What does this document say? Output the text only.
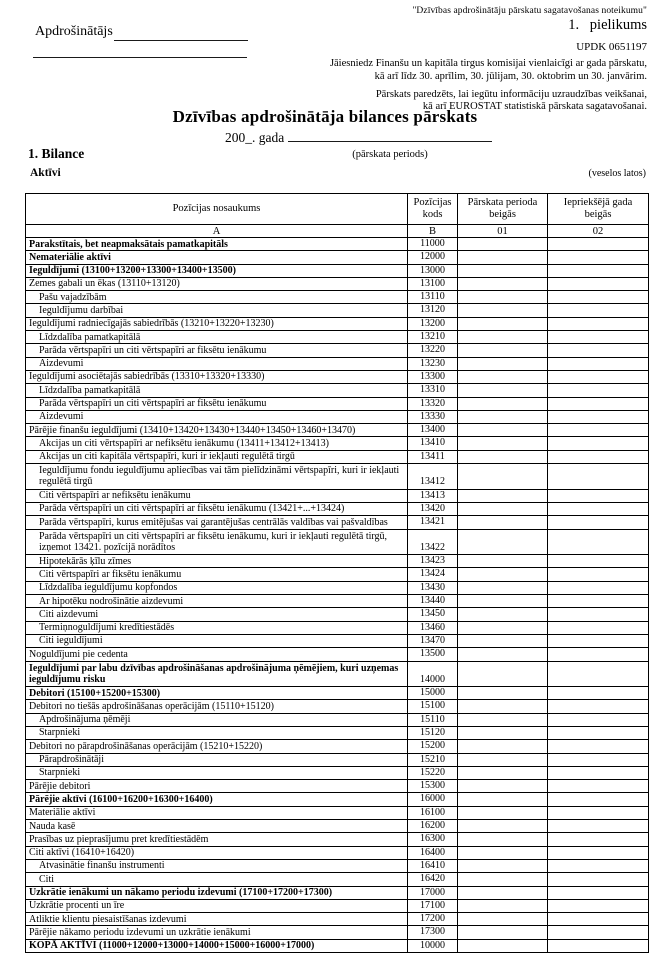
Apdrošinātājs
"Dzīvības apdrošinātāju pārskatu sagatavošanas noteikumu"
1. pielikums
UPDK 0651197
Jāiesniedz Finanšu un kapitāla tirgus komisijai vienlaicīgi ar gada pārskatu,
kā arī līdz 30. aprīlim, 30. jūlijam, 30. oktobrim un 30. janvārim.
Pārskats paredzēts, lai iegūtu informāciju uzraudzības veikšanai,
kā arī EUROSTAT statistiskā pārskata sagatavošanai.
Dzīvības apdrošinātāja bilances pārskats
200_. gada
(pārskata periods)
1. Bilance
Aktīvi	(veselos latos)
Pozīcijas nosaukums	Pozīcijas kods	Pārskata perioda beigās	Iepriekšējā gada beigās
A	B	01	02
Parakstītais, bet neapmaksātais pamatkapitāls	11000		
Nemateriālie aktīvi	12000		
Ieguldījumi (13100+13200+13300+13400+13500)	13000		
Zemes gabali un ēkas (13110+13120)	13100		
Pašu vajadzībām	13110		
Ieguldījumu darbībai	13120		
Ieguldījumi radniecīgajās sabiedrībās (13210+13220+13230)	13200		
Līdzdalība pamatkapitālā	13210		
Parāda vērtspapīri un citi vērtspapīri ar fiksētu ienākumu	13220		
Aizdevumi	13230		
Ieguldījumi asociētajās sabiedrībās (13310+13320+13330)	13300		
Līdzdalība pamatkapitālā	13310		
Parāda vērtspapīri un citi vērtspapīri ar fiksētu ienākumu	13320		
Aizdevumi	13330		
Pārējie finanšu ieguldījumi (13410+13420+13430+13440+13450+13460+13470)	13400		
Akcijas un citi vērtspapīri ar nefiksētu ienākumu (13411+13412+13413)	13410		
Akcijas un citi kapitāla vērtspapīri, kuri ir iekļauti regulētā tirgū	13411		
Ieguldījumu fondu ieguldījumu apliecības vai tām pielīdzināmi vērtspapīri, kuri ir iekļauti regulētā tirgū	13412		
Citi vērtspapīri ar nefiksētu ienākumu	13413		
Parāda vērtspapīri un citi vērtspapīri ar fiksētu ienākumu (13421+...+13424)	13420		
Parāda vērtspapīri, kurus emitējušas vai garantējušas centrālās valdības vai pašvaldības	13421		
Parāda vērtspapīri un citi vērtspapīri ar fiksētu ienākumu, kuri ir iekļauti regulētā tirgū, izņemot 13421. pozīcijā norādītos	13422		
Hipotekārās ķīlu zīmes	13423		
Citi vērtspapīri ar fiksētu ienākumu	13424		
Līdzdalība ieguldījumu kopfondos	13430		
Ar hipotēku nodrošinātie aizdevumi	13440		
Citi aizdevumi	13450		
Termiņnoguldījumi kredītiestādēs	13460		
Citi ieguldījumi	13470		
Noguldījumi pie cedenta	13500		
Ieguldījumi par labu dzīvības apdrošināšanas apdrošinājuma ņēmējiem, kuri uzņemas ieguldījumu risku	14000		
Debitori (15100+15200+15300)	15000		
Debitori no tiešās apdrošināšanas operācijām (15110+15120)	15100		
Apdrošinājuma ņēmēji	15110		
Starpnieki	15120		
Debitori no pārapdrošināšanas operācijām (15210+15220)	15200		
Pārapdrošinātāji	15210		
Starpnieki	15220		
Pārējie debitori	15300		
Pārējie aktīvi (16100+16200+16300+16400)	16000		
Materiālie aktīvi	16100		
Nauda kasē	16200		
Prasības uz pieprasījumu pret kredītiestādēm	16300		
Citi aktīvi (16410+16420)	16400		
Atvasinātie finanšu instrumenti	16410		
Citi	16420		
Uzkrātie ienākumi un nākamo periodu izdevumi (17100+17200+17300)	17000		
Uzkrātie procenti un īre	17100		
Atliktie klientu piesaistīšanas izdevumi	17200		
Pārējie nākamo periodu izdevumi un uzkrātie ienākumi	17300		
KOPĀ AKTĪVI (11000+12000+13000+14000+15000+16000+17000)	10000		
